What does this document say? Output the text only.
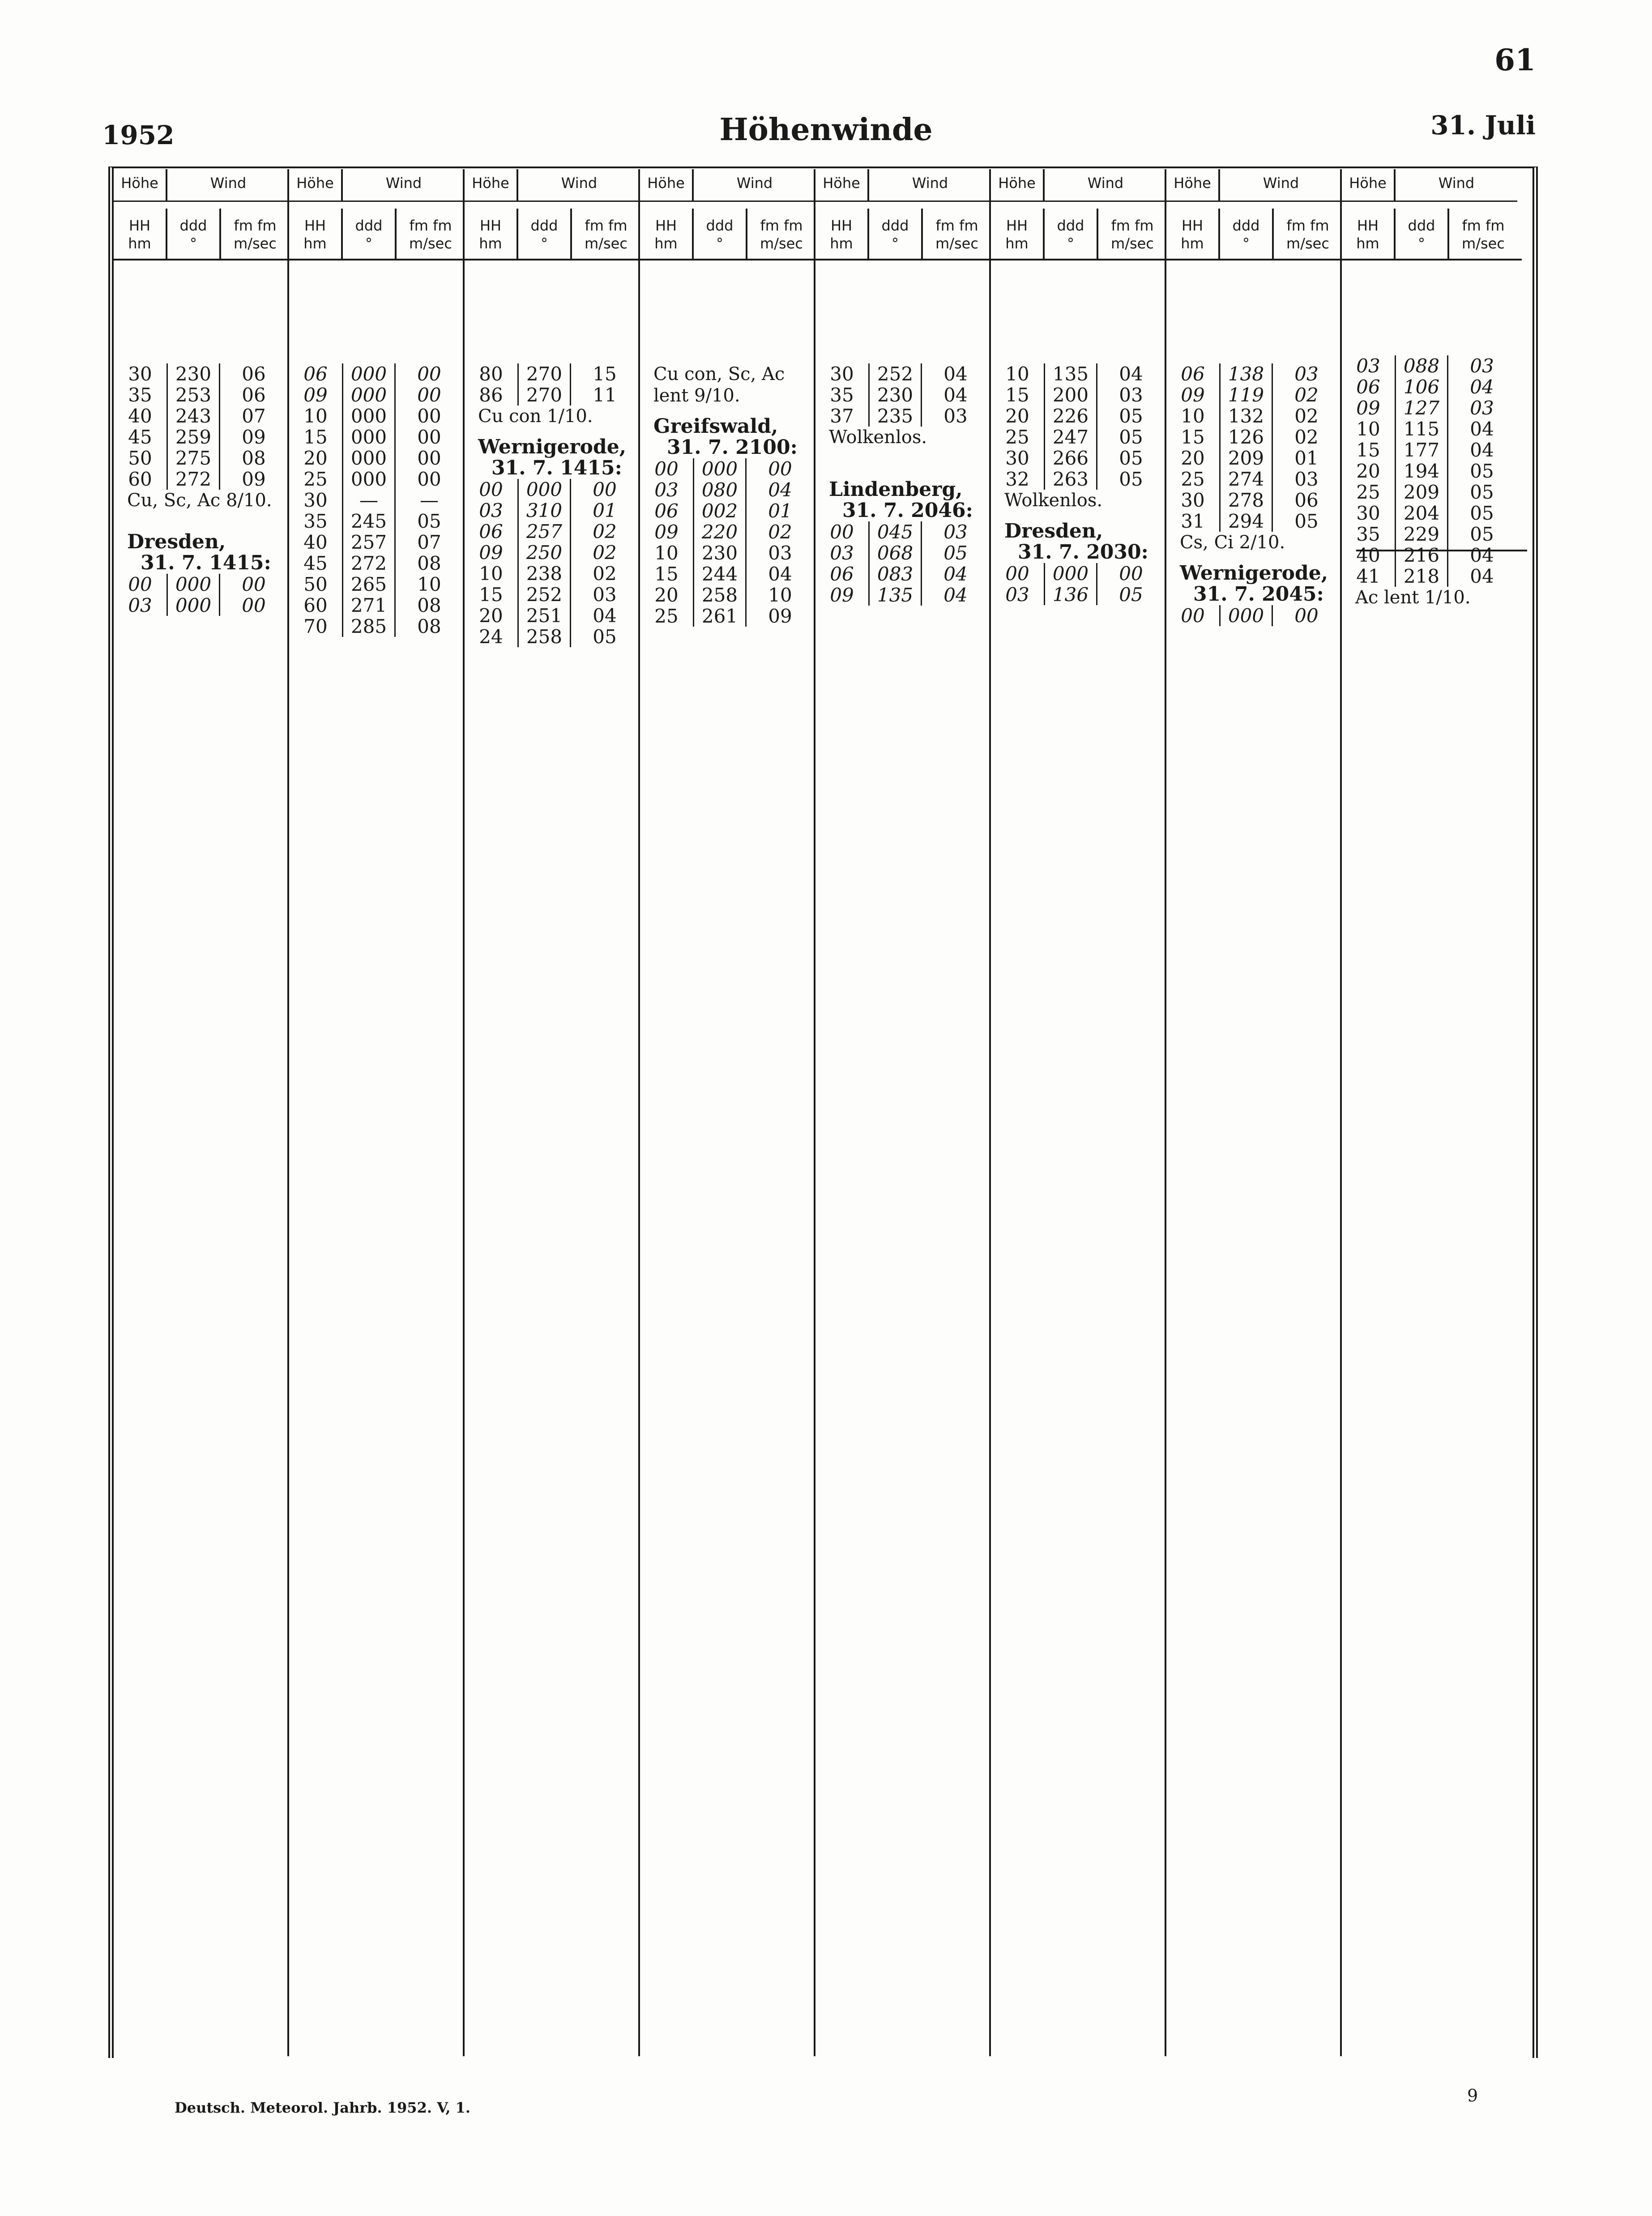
61
1952	Höhenwinde	31. Juli
Höhe	Wind
HH
hm
ddd
°
fm fm
m/sec
30	230	06
35	253	06
40	243	07
45	259	09
50	275	08
60	272	09
Cu, Sc, Ac 8/10.
Dresden,
31. 7. 1415:
00	000	00
03	000	00
Höhe	Wind
HH
hm
ddd
°
fm fm
m/sec
06	000	00
09	000	00
10	000	00
15	000	00
20	000	00
25	000	00
30	—	—
35	245	05
40	257	07
45	272	08
50	265	10
60	271	08
70	285	08
Höhe	Wind
HH
hm
ddd
°
fm fm
m/sec
80	270	15
86	270	11
Cu con 1/10.
Wernigerode,
31. 7. 1415:
00	000	00
03	310	01
06	257	02
09	250	02
10	238	02
15	252	03
20	251	04
24	258	05
Höhe	Wind
HH
hm
ddd
°
fm fm
m/sec
Cu con, Sc, Ac
lent 9/10.
Greifswald,
31. 7. 2100:
00	000	00
03	080	04
06	002	01
09	220	02
10	230	03
15	244	04
20	258	10
25	261	09
Höhe	Wind
HH
hm
ddd
°
fm fm
m/sec
30	252	04
35	230	04
37	235	03
Wolkenlos.
Lindenberg,
31. 7. 2046:
00	045	03
03	068	05
06	083	04
09	135	04
Höhe	Wind
HH
hm
ddd
°
fm fm
m/sec
10	135	04
15	200	03
20	226	05
25	247	05
30	266	05
32	263	05
Wolkenlos.
Dresden,
31. 7. 2030:
00	000	00
03	136	05
Höhe	Wind
HH
hm
ddd
°
fm fm
m/sec
06	138	03
09	119	02
10	132	02
15	126	02
20	209	01
25	274	03
30	278	06
31	294	05
Cs, Ci 2/10.
Wernigerode,
31. 7. 2045:
00	000	00
Höhe	Wind
HH
hm
ddd
°
fm fm
m/sec
03	088	03
06	106	04
09	127	03
10	115	04
15	177	04
20	194	05
25	209	05
30	204	05
35	229	05
40	216	04
41	218	04
Ac lent 1/10.
Deutsch. Meteorol. Jahrb. 1952. V, 1.
9
